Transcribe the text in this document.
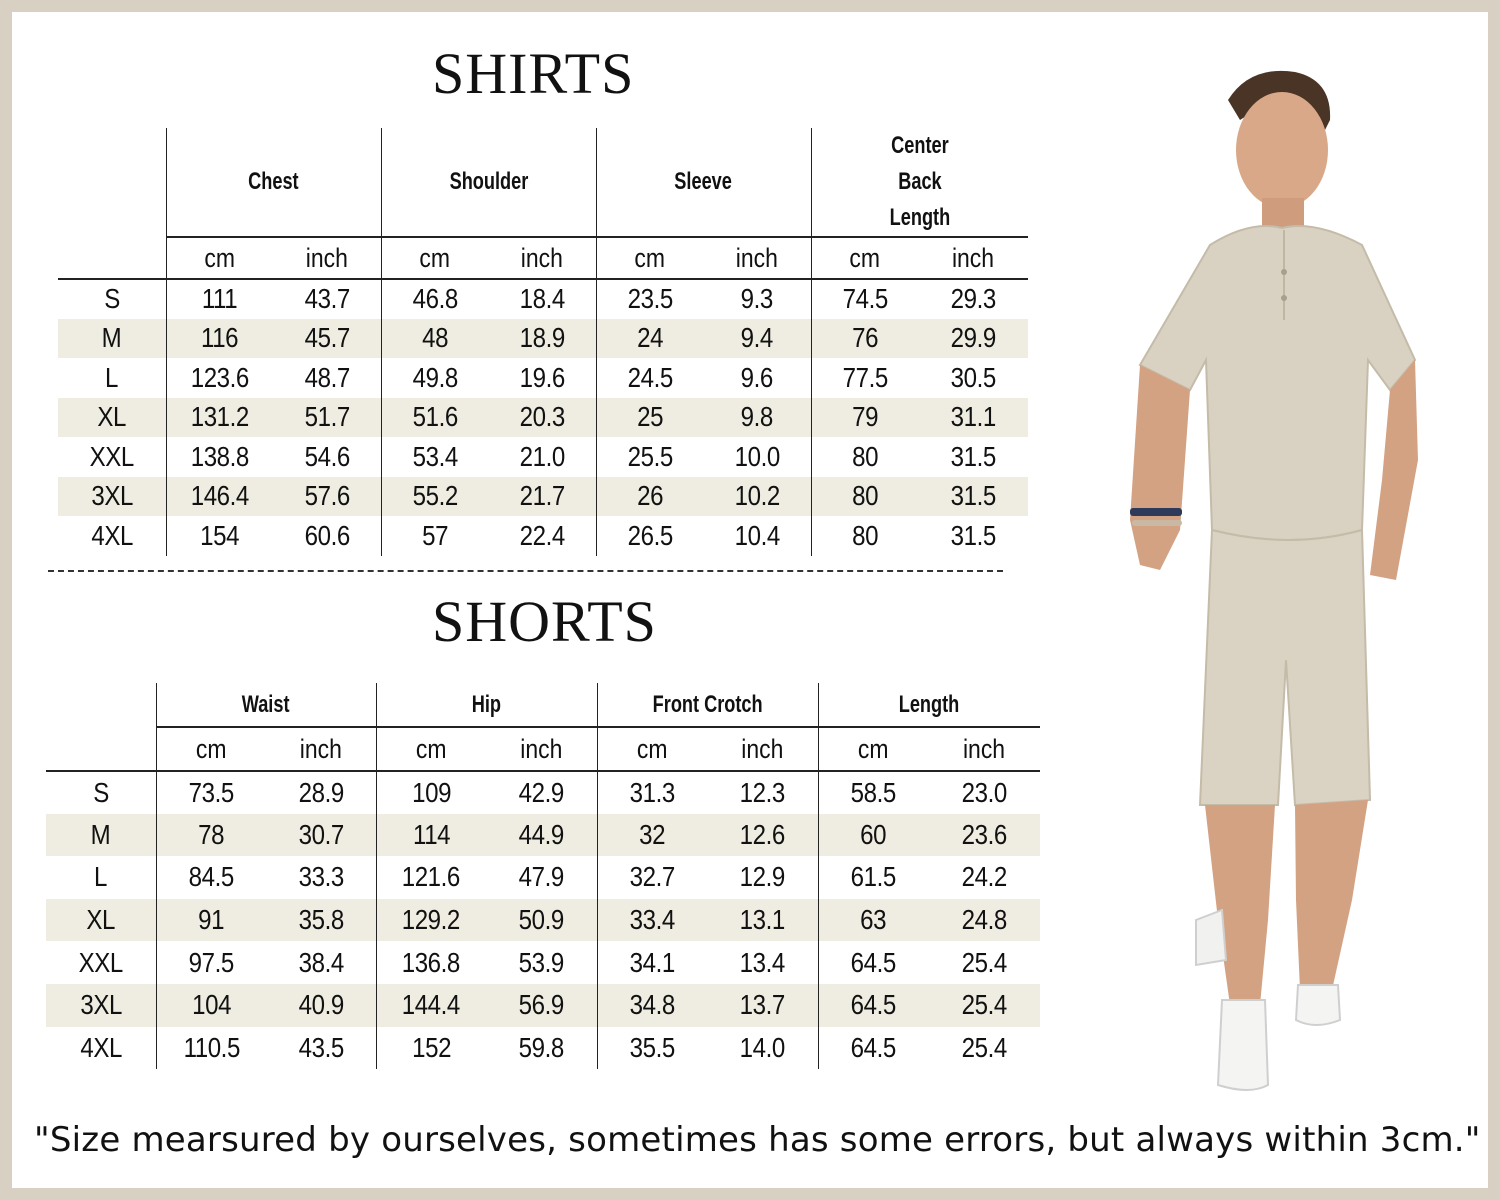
SHIRTS
	Chest		Shoulder		Sleeve		Center Back Length	
	cm	inch	cm	inch	cm	inch	cm	inch
S	111	43.7	46.8	18.4	23.5	9.3	74.5	29.3
M	116	45.7	48	18.9	24	9.4	76	29.9
L	123.6	48.7	49.8	19.6	24.5	9.6	77.5	30.5
XL	131.2	51.7	51.6	20.3	25	9.8	79	31.1
XXL	138.8	54.6	53.4	21.0	25.5	10.0	80	31.5
3XL	146.4	57.6	55.2	21.7	26	10.2	80	31.5
4XL	154	60.6	57	22.4	26.5	10.4	80	31.5
SHORTS
	Waist		Hip		Front Crotch		Length	
	cm	inch	cm	inch	cm	inch	cm	inch
S	73.5	28.9	109	42.9	31.3	12.3	58.5	23.0
M	78	30.7	114	44.9	32	12.6	60	23.6
L	84.5	33.3	121.6	47.9	32.7	12.9	61.5	24.2
XL	91	35.8	129.2	50.9	33.4	13.1	63	24.8
XXL	97.5	38.4	136.8	53.9	34.1	13.4	64.5	25.4
3XL	104	40.9	144.4	56.9	34.8	13.7	64.5	25.4
4XL	110.5	43.5	152	59.8	35.5	14.0	64.5	25.4
"Size mearsured by ourselves, sometimes has some errors, but always within 3cm."
